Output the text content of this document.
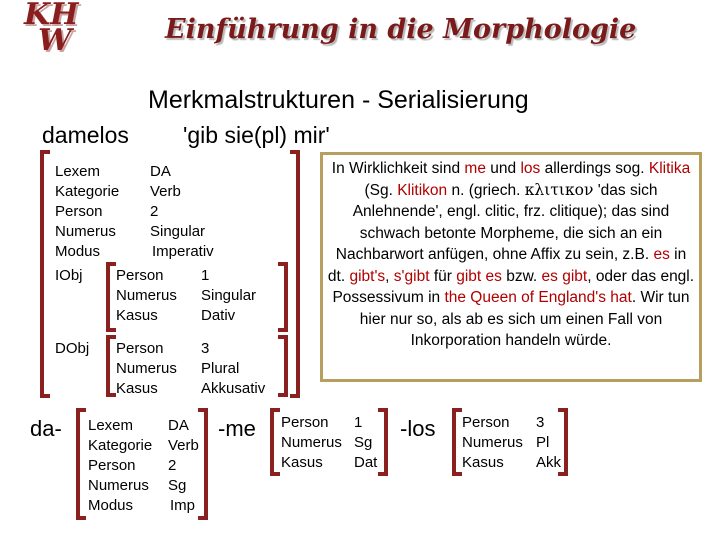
KH
W	Einführung in die Morphologie
Merkmalstrukturen - Serialisierung
damelos 'gib sie(pl) mir'
Lexem	DA
Kategorie Verb
Person	2
Numerus Singular
Modus	Imperativ
IObj Person 1
Numerus Singular
Kasus	Dativ
DObj Person 3
Numerus Plural
Kasus	Akkusativ
In Wirklichkeit sind me und los allerdings sog. Klitika (Sg. Klitikon n. (griech. κλιτικον 'das sich Anlehnende', engl. clitic, frz. clitique); das sind schwach betonte Morpheme, die sich an ein Nachbarwort anfügen, ohne Affix zu sein, z.B. es in dt. gibt's, s'gibt für gibt es bzw. es gibt, oder das engl. Possessivum in the Queen of England's hat. Wir tun hier nur so, als ab es sich um einen Fall von Inkorporation handeln würde.
da- Lexem DA
Kategorie Verb
Person 2
Numerus Sg
Modus Imp
-me Person 1
Numerus Sg
Kasus Dat
-los Person 3
Numerus Pl
Kasus Akk
